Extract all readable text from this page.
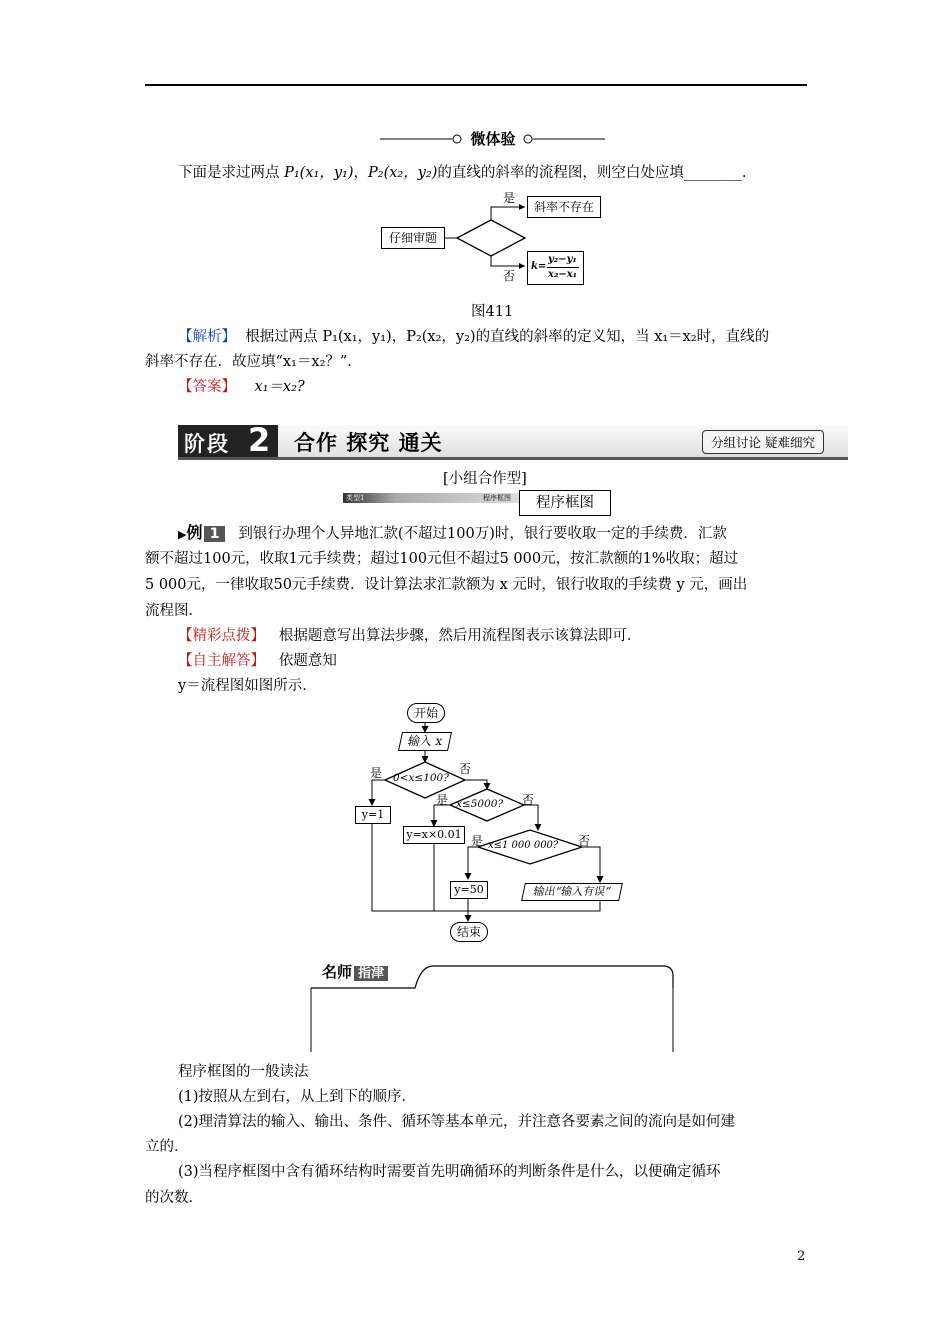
微体验
下面是求过两点 P₁(x₁，y₁)，P₂(x₂，y₂)的直线的斜率的流程图，则空白处应填________.
仔细审题
是
斜率不存在
否
k=
y₂−y₁
x₂−x₁
图411
【解析】 根据过两点 P₁(x₁，y₁)，P₂(x₂，y₂)的直线的斜率的定义知，当 x₁＝x₂时，直线的
斜率不存在．故应填“x₁＝x₂？”．
【答案】 x₁＝x₂?
阶段 2 合作 探究 通关	分组讨论 疑难细究
[小组合作型]
类型1	程序框图	程序框图
▶例 1 到银行办理个人异地汇款(不超过100万)时，银行要收取一定的手续费．汇款
额不超过100元，收取1元手续费；超过100元但不超过5 000元，按汇款额的1%收取；超过
5 000元，一律收取50元手续费．设计算法求汇款额为 x 元时，银行收取的手续费 y 元，画出
流程图．
【精彩点拨】 根据题意写出算法步骤，然后用流程图表示该算法即可．
【自主解答】 依题意知
y＝流程图如图所示．
开始
输入 x
0<x≤100?
是	否
x≤5000?
是	否
x≤1 000 000?
是	否
y=1
y=x×0.01
y=50	输出“输入有误”
结束
名师 指津
程序框图的一般读法
(1)按照从左到右，从上到下的顺序．
(2)理清算法的输入、输出、条件、循环等基本单元，并注意各要素之间的流向是如何建
立的．
(3)当程序框图中含有循环结构时需要首先明确循环的判断条件是什么，以便确定循环
的次数．
2
